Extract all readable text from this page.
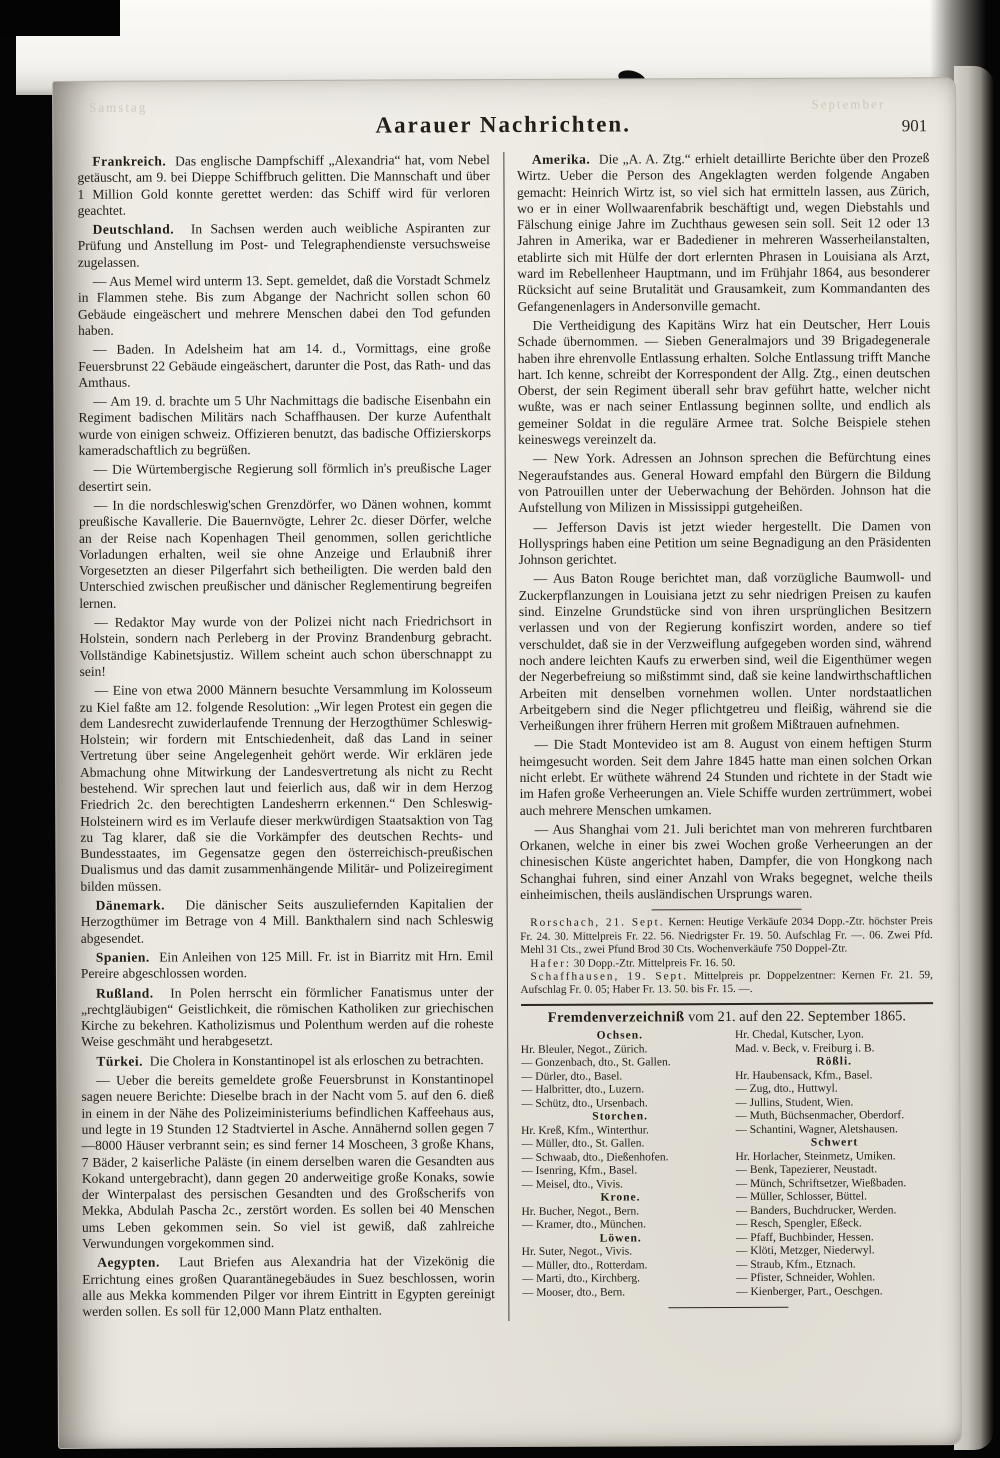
Samstag	September
Aarauer Nachrichten.	901

Frankreich. Das englische Dampfschiff „Alexandria“ hat, vom Nebel getäuscht, am 9. bei Dieppe Schiffbruch gelitten. Die Mannschaft und über 1 Million Gold konnte gerettet werden: das Schiff wird für verloren geachtet.

Deutschland. In Sachsen werden auch weibliche Aspiranten zur Prüfung und Anstellung im Post- und Telegraphendienste versuchsweise zugelassen.

— Aus Memel wird unterm 13. Sept. gemeldet, daß die Vorstadt Schmelz in Flammen stehe. Bis zum Abgange der Nachricht sollen schon 60 Gebäude eingeäschert und mehrere Menschen dabei den Tod gefunden haben.

— Baden. In Adelsheim hat am 14. d., Vormittags, eine große Feuersbrunst 22 Gebäude eingeäschert, darunter die Post, das Rath- und das Amthaus.

— Am 19. d. brachte um 5 Uhr Nachmittags die badische Eisenbahn ein Regiment badischen Militärs nach Schaffhausen. Der kurze Aufenthalt wurde von einigen schweiz. Offizieren benutzt, das badische Offizierskorps kameradschaftlich zu begrüßen.

— Die Würtembergische Regierung soll förmlich in's preußische Lager desertirt sein.

— In die nordschleswig'schen Grenzdörfer, wo Dänen wohnen, kommt preußische Kavallerie. Die Bauernvögte, Lehrer 2c. dieser Dörfer, welche an der Reise nach Kopenhagen Theil genommen, sollen gerichtliche Vorladungen erhalten, weil sie ohne Anzeige und Erlaubniß ihrer Vorgesetzten an dieser Pilgerfahrt sich betheiligten. Die werden bald den Unterschied zwischen preußischer und dänischer Reglementirung begreifen lernen.

— Redaktor May wurde von der Polizei nicht nach Friedrichsort in Holstein, sondern nach Perleberg in der Provinz Brandenburg gebracht. Vollständige Kabinetsjustiz. Willem scheint auch schon überschnappt zu sein!

— Eine von etwa 2000 Männern besuchte Versammlung im Kolosseum zu Kiel faßte am 12. folgende Resolution: „Wir legen Protest ein gegen die dem Landesrecht zuwiderlaufende Trennung der Herzogthümer Schleswig-Holstein; wir fordern mit Entschiedenheit, daß das Land in seiner Vertretung über seine Angelegenheit gehört werde. Wir erklären jede Abmachung ohne Mitwirkung der Landesvertretung als nicht zu Recht bestehend. Wir sprechen laut und feierlich aus, daß wir in dem Herzog Friedrich 2c. den berechtigten Landesherrn erkennen.“ Den Schleswig-Holsteinern wird es im Verlaufe dieser merkwürdigen Staatsaktion von Tag zu Tag klarer, daß sie die Vorkämpfer des deutschen Rechts- und Bundesstaates, im Gegensatze gegen den österreichisch-preußischen Dualismus und das damit zusammenhängende Militär- und Polizeiregiment bilden müssen.

Dänemark. Die dänischer Seits auszuliefernden Kapitalien der Herzogthümer im Betrage von 4 Mill. Bankthalern sind nach Schleswig abgesendet.

Spanien. Ein Anleihen von 125 Mill. Fr. ist in Biarritz mit Hrn. Emil Pereire abgeschlossen worden.

Rußland. In Polen herrscht ein förmlicher Fanatismus unter der „rechtgläubigen“ Geistlichkeit, die römischen Katholiken zur griechischen Kirche zu bekehren. Katholizismus und Polenthum werden auf die roheste Weise geschmäht und herabgesetzt.

Türkei. Die Cholera in Konstantinopel ist als erloschen zu betrachten.

— Ueber die bereits gemeldete große Feuersbrunst in Konstantinopel sagen neuere Berichte: Dieselbe brach in der Nacht vom 5. auf den 6. dieß in einem in der Nähe des Polizeiministeriums befindlichen Kaffeehaus aus, und legte in 19 Stunden 12 Stadtviertel in Asche. Annähernd sollen gegen 7—8000 Häuser verbrannt sein; es sind ferner 14 Moscheen, 3 große Khans, 7 Bäder, 2 kaiserliche Paläste (in einem derselben waren die Gesandten aus Kokand untergebracht), dann gegen 20 anderweitige große Konaks, sowie der Winterpalast des persischen Gesandten und des Großscherifs von Mekka, Abdulah Pascha 2c., zerstört worden. Es sollen bei 40 Menschen ums Leben gekommen sein. So viel ist gewiß, daß zahlreiche Verwundungen vorgekommen sind.

Aegypten. Laut Briefen aus Alexandria hat der Vizekönig die Errichtung eines großen Quarantänegebäudes in Suez beschlossen, worin alle aus Mekka kommenden Pilger vor ihrem Eintritt in Egypten gereinigt werden sollen. Es soll für 12,000 Mann Platz enthalten.

Amerika. Die „A. A. Ztg.“ erhielt detaillirte Berichte über den Prozeß Wirtz. Ueber die Person des Angeklagten werden folgende Angaben gemacht: Heinrich Wirtz ist, so viel sich hat ermitteln lassen, aus Zürich, wo er in einer Wollwaarenfabrik beschäftigt und, wegen Diebstahls und Fälschung einige Jahre im Zuchthaus gewesen sein soll. Seit 12 oder 13 Jahren in Amerika, war er Badediener in mehreren Wasserheilanstalten, etablirte sich mit Hülfe der dort erlernten Phrasen in Louisiana als Arzt, ward im Rebellenheer Hauptmann, und im Frühjahr 1864, aus besonderer Rücksicht auf seine Brutalität und Grausamkeit, zum Kommandanten des Gefangenenlagers in Andersonville gemacht.

Die Vertheidigung des Kapitäns Wirz hat ein Deutscher, Herr Louis Schade übernommen. — Sieben Generalmajors und 39 Brigadegenerale haben ihre ehrenvolle Entlassung erhalten. Solche Entlassung trifft Manche hart. Ich kenne, schreibt der Korrespondent der Allg. Ztg., einen deutschen Oberst, der sein Regiment überall sehr brav geführt hatte, welcher nicht wußte, was er nach seiner Entlassung beginnen sollte, und endlich als gemeiner Soldat in die reguläre Armee trat. Solche Beispiele stehen keineswegs vereinzelt da.

— New York. Adressen an Johnson sprechen die Befürchtung eines Negeraufstandes aus. General Howard empfahl den Bürgern die Bildung von Patrouillen unter der Ueberwachung der Behörden. Johnson hat die Aufstellung von Milizen in Mississippi gutgeheißen.

— Jefferson Davis ist jetzt wieder hergestellt. Die Damen von Hollysprings haben eine Petition um seine Begnadigung an den Präsidenten Johnson gerichtet.

— Aus Baton Rouge berichtet man, daß vorzügliche Baumwoll- und Zuckerpflanzungen in Louisiana jetzt zu sehr niedrigen Preisen zu kaufen sind. Einzelne Grundstücke sind von ihren ursprünglichen Besitzern verlassen und von der Regierung konfiszirt worden, andere so tief verschuldet, daß sie in der Verzweiflung aufgegeben worden sind, während noch andere leichten Kaufs zu erwerben sind, weil die Eigenthümer wegen der Negerbefreiung so mißstimmt sind, daß sie keine landwirthschaftlichen Arbeiten mit denselben vornehmen wollen. Unter nordstaatlichen Arbeitgebern sind die Neger pflichtgetreu und fleißig, während sie die Verheißungen ihrer frühern Herren mit großem Mißtrauen aufnehmen.

— Die Stadt Montevideo ist am 8. August von einem heftigen Sturm heimgesucht worden. Seit dem Jahre 1845 hatte man einen solchen Orkan nicht erlebt. Er wüthete während 24 Stunden und richtete in der Stadt wie im Hafen große Verheerungen an. Viele Schiffe wurden zertrümmert, wobei auch mehrere Menschen umkamen.

— Aus Shanghai vom 21. Juli berichtet man von mehreren furchtbaren Orkanen, welche in einer bis zwei Wochen große Verheerungen an der chinesischen Küste angerichtet haben, Dampfer, die von Hongkong nach Schanghai fuhren, sind einer Anzahl von Wraks begegnet, welche theils einheimischen, theils ausländischen Ursprungs waren.

Rorschach, 21. Sept. Kernen: Heutige Verkäufe 2034 Dopp.-Ztr. höchster Preis Fr. 24. 30. Mittelpreis Fr. 22. 56. Niedrigster Fr. 19. 50. Aufschlag Fr. —. 06. Zwei Pfd. Mehl 31 Cts., zwei Pfund Brod 30 Cts. Wochenverkäufe 750 Doppel-Ztr.

Hafer: 30 Dopp.-Ztr. Mittelpreis Fr. 16. 50.

Schaffhausen, 19. Sept. Mittelpreis pr. Doppelzentner: Kernen Fr. 21. 59, Aufschlag Fr. 0. 05; Haber Fr. 13. 50. bis Fr. 15. —.

Fremdenverzeichniß vom 21. auf den 22. September 1865.
Ochsen.
Hr. Bleuler, Negot., Zürich.
— Gonzenbach, dto., St. Gallen.
— Dürler, dto., Basel.
— Halbritter, dto., Luzern.
— Schütz, dto., Ursenbach.
Storchen.
Hr. Kreß, Kfm., Winterthur.
— Müller, dto., St. Gallen.
— Schwaab, dto., Dießenhofen.
— Isenring, Kfm., Basel.
— Meisel, dto., Vivis.
Krone.
Hr. Bucher, Negot., Bern.
— Kramer, dto., München.
Löwen.
Hr. Suter, Negot., Vivis.
— Müller, dto., Rotterdam.
— Marti, dto., Kirchberg.
— Mooser, dto., Bern.
Hr. Chedal, Kutscher, Lyon.
Mad. v. Beck, v. Freiburg i. B.
Rößli.
Hr. Haubensack, Kfm., Basel.
— Zug, dto., Huttwyl.
— Jullins, Student, Wien.
— Muth, Büchsenmacher, Oberdorf.
— Schantini, Wagner, Aletshausen.
Schwert
Hr. Horlacher, Steinmetz, Umiken.
— Benk, Tapezierer, Neustadt.
— Münch, Schriftsetzer, Wießbaden.
— Müller, Schlosser, Büttel.
— Banders, Buchdrucker, Werden.
— Resch, Spengler, Eßeck.
— Pfaff, Buchbinder, Hessen.
— Klöti, Metzger, Niederwyl.
— Straub, Kfm., Etznach.
— Pfister, Schneider, Wohlen.
— Kienberger, Part., Oeschgen.
